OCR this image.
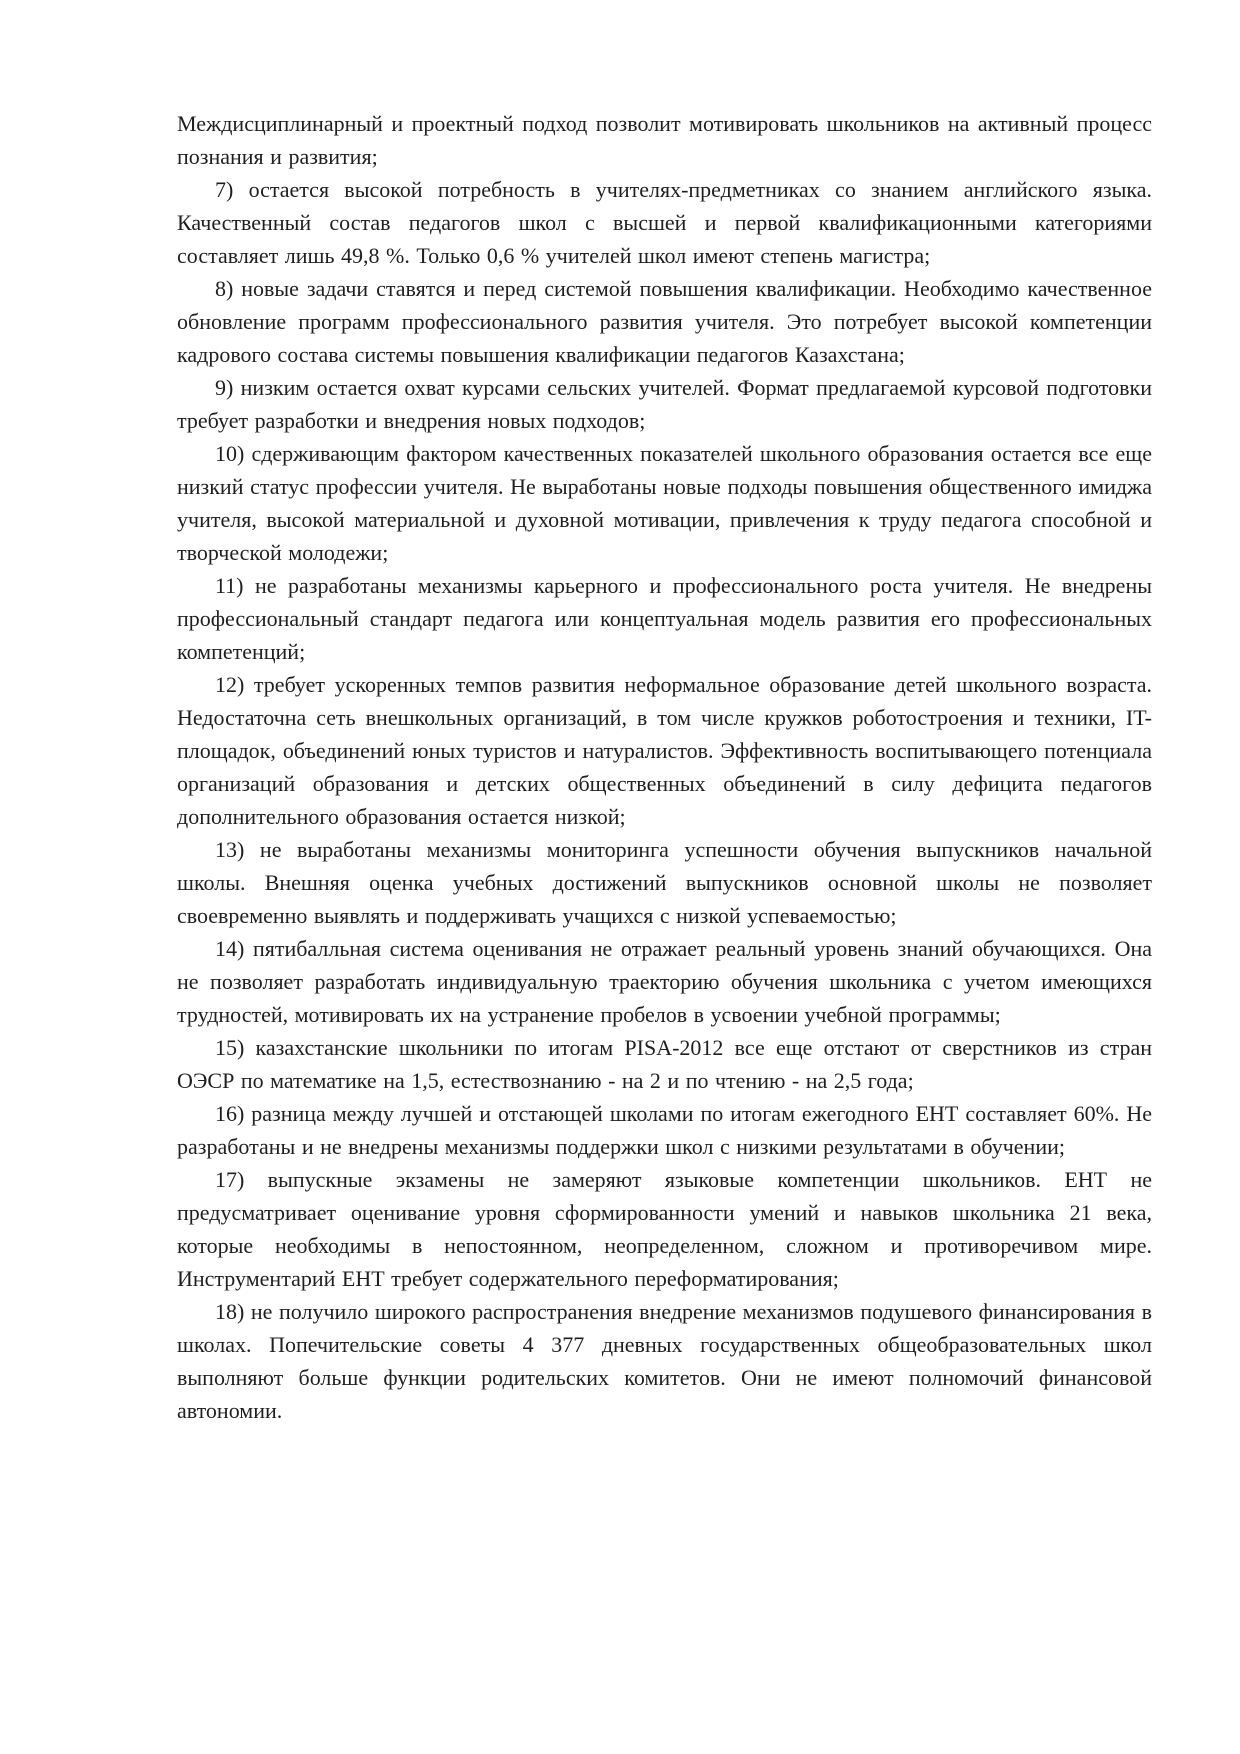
Междисциплинарный и проектный подход позволит мотивировать школьников на активный процесс познания и развития;

7) остается высокой потребность в учителях-предметниках со знанием английского языка. Качественный состав педагогов школ с высшей и первой квалификационными категориями составляет лишь 49,8 %. Только 0,6 % учителей школ имеют степень магистра;

8) новые задачи ставятся и перед системой повышения квалификации. Необходимо качественное обновление программ профессионального развития учителя. Это потребует высокой компетенции кадрового состава системы повышения квалификации педагогов Казахстана;

9) низким остается охват курсами сельских учителей. Формат предлагаемой курсовой подготовки требует разработки и внедрения новых подходов;

10) сдерживающим фактором качественных показателей школьного образования остается все еще низкий статус профессии учителя. Не выработаны новые подходы повышения общественного имиджа учителя, высокой материальной и духовной мотивации, привлечения к труду педагога способной и творческой молодежи;

11) не разработаны механизмы карьерного и профессионального роста учителя. Не внедрены профессиональный стандарт педагога или концептуальная модель развития его профессиональных компетенций;

12) требует ускоренных темпов развития неформальное образование детей школьного возраста. Недостаточна сеть внешкольных организаций, в том числе кружков роботостроения и техники, IT-площадок, объединений юных туристов и натуралистов. Эффективность воспитывающего потенциала организаций образования и детских общественных объединений в силу дефицита педагогов дополнительного образования остается низкой;

13) не выработаны механизмы мониторинга успешности обучения выпускников начальной школы. Внешняя оценка учебных достижений выпускников основной школы не позволяет своевременно выявлять и поддерживать учащихся с низкой успеваемостью;

14) пятибалльная система оценивания не отражает реальный уровень знаний обучающихся. Она не позволяет разработать индивидуальную траекторию обучения школьника с учетом имеющихся трудностей, мотивировать их на устранение пробелов в усвоении учебной программы;

15) казахстанские школьники по итогам PISA-2012 все еще отстают от сверстников из стран ОЭСР по математике на 1,5, естествознанию - на 2 и по чтению - на 2,5 года;

16) разница между лучшей и отстающей школами по итогам ежегодного ЕНТ составляет 60%. Не разработаны и не внедрены механизмы поддержки школ с низкими результатами в обучении;

17) выпускные экзамены не замеряют языковые компетенции школьников. ЕНТ не предусматривает оценивание уровня сформированности умений и навыков школьника 21 века, которые необходимы в непостоянном, неопределенном, сложном и противоречивом мире. Инструментарий ЕНТ требует содержательного переформатирования;

18) не получило широкого распространения внедрение механизмов подушевого финансирования в школах. Попечительские советы 4 377 дневных государственных общеобразовательных школ выполняют больше функции родительских комитетов. Они не имеют полномочий финансовой автономии.
